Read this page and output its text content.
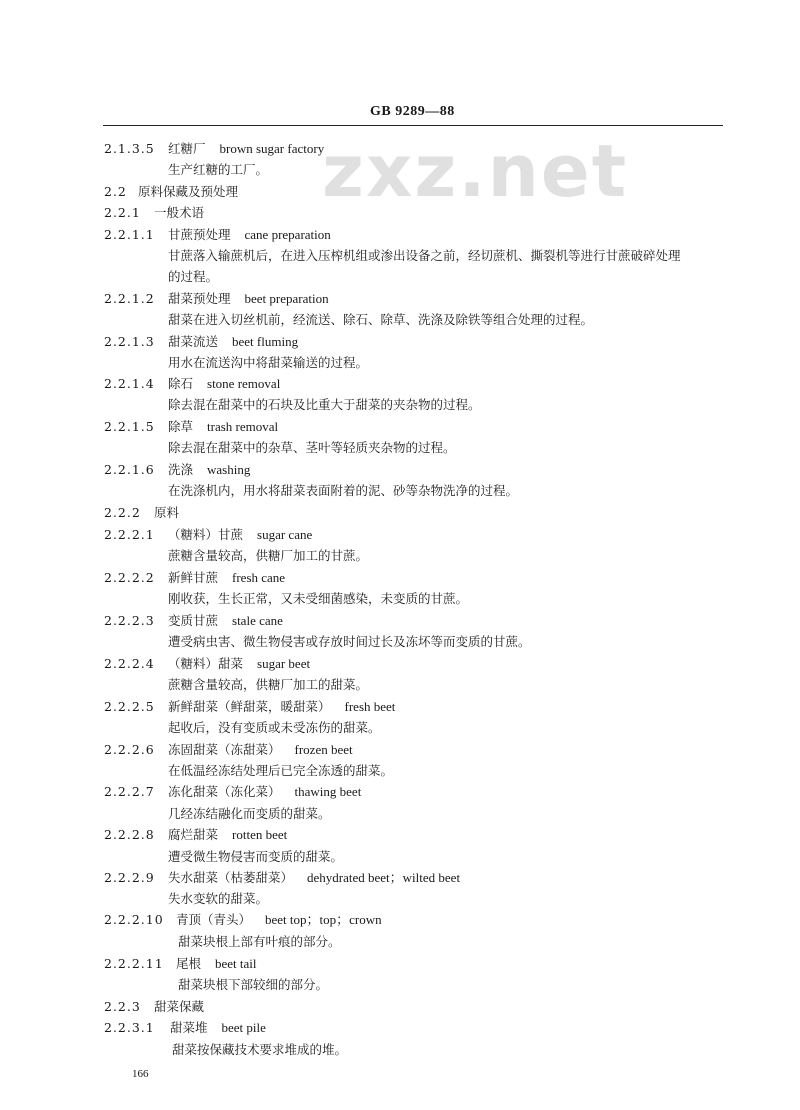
GB 9289—88
zxz.net
2.1.3.5 红糖厂 brown sugar factory
生产红糖的工厂。
2.2 原料保藏及预处理
2.2.1 一般术语
2.2.1.1 甘蔗预处理 cane preparation
甘蔗落入输蔗机后，在进入压榨机组或渗出设备之前，经切蔗机、撕裂机等进行甘蔗破碎处理
的过程。
2.2.1.2 甜菜预处理 beet preparation
甜菜在进入切丝机前，经流送、除石、除草、洗涤及除铁等组合处理的过程。
2.2.1.3 甜菜流送 beet fluming
用水在流送沟中将甜菜输送的过程。
2.2.1.4 除石 stone removal
除去混在甜菜中的石块及比重大于甜菜的夹杂物的过程。
2.2.1.5 除草 trash removal
除去混在甜菜中的杂草、茎叶等轻质夹杂物的过程。
2.2.1.6 洗涤 washing
在洗涤机内，用水将甜菜表面附着的泥、砂等杂物洗净的过程。
2.2.2 原料
2.2.2.1 （糖料）甘蔗 sugar cane
蔗糖含量较高，供糖厂加工的甘蔗。
2.2.2.2 新鲜甘蔗 fresh cane
刚收获，生长正常，又未受细菌感染，未变质的甘蔗。
2.2.2.3 变质甘蔗 stale cane
遭受病虫害、微生物侵害或存放时间过长及冻坏等而变质的甘蔗。
2.2.2.4 （糖料）甜菜 sugar beet
蔗糖含量较高，供糖厂加工的甜菜。
2.2.2.5 新鲜甜菜（鲜甜菜，暖甜菜） fresh beet
起收后，没有变质或未受冻伤的甜菜。
2.2.2.6 冻固甜菜（冻甜菜） frozen beet
在低温经冻结处理后已完全冻透的甜菜。
2.2.2.7 冻化甜菜（冻化菜） thawing beet
几经冻结融化而变质的甜菜。
2.2.2.8 腐烂甜菜 rotten beet
遭受微生物侵害而变质的甜菜。
2.2.2.9 失水甜菜（枯萎甜菜） dehydrated beet；wilted beet
失水变软的甜菜。
2.2.2.10 青顶（青头） beet top；top；crown
甜菜块根上部有叶痕的部分。
2.2.2.11 尾根 beet tail
甜菜块根下部较细的部分。
2.2.3 甜菜保藏
2.2.3.1 甜菜堆 beet pile
甜菜按保藏技术要求堆成的堆。
166
